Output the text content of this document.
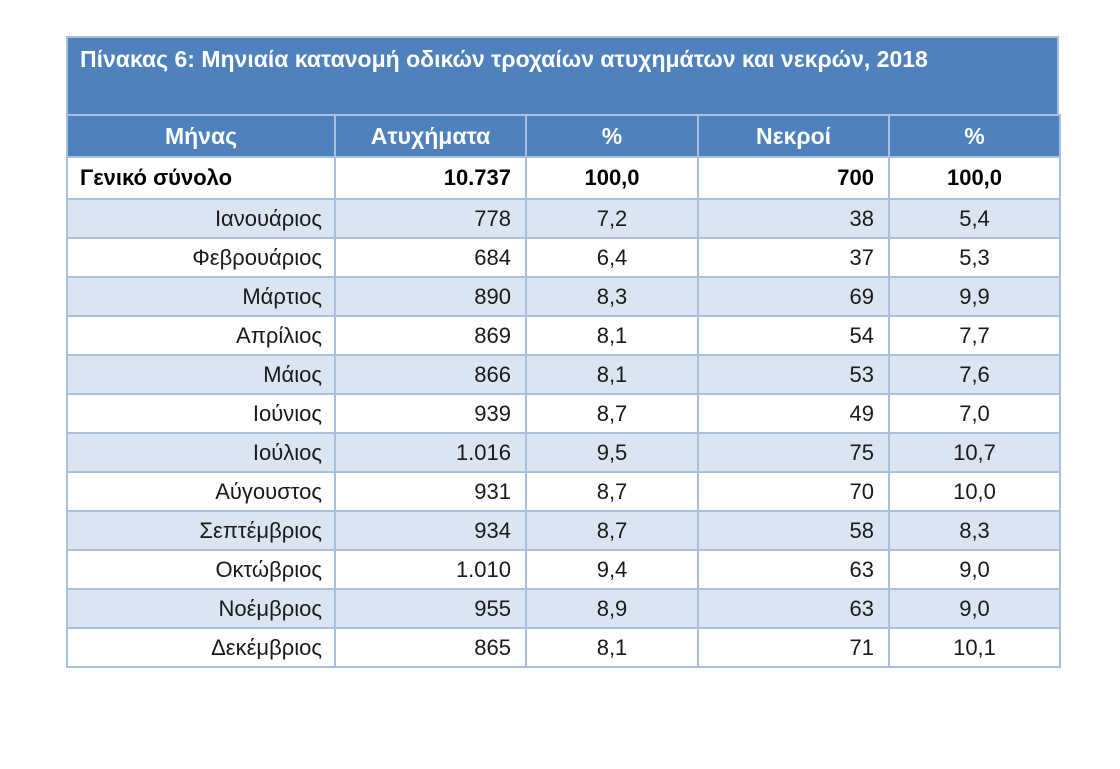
Πίνακας 6: Μηνιαία κατανομή οδικών τροχαίων ατυχημάτων και νεκρών, 2018
Μήνας	Ατυχήματα	%	Νεκροί	%
Γενικό σύνολο	10.737	100,0	700	100,0
Ιανουάριος	778	7,2	38	5,4
Φεβρουάριος	684	6,4	37	5,3
Μάρτιος	890	8,3	69	9,9
Απρίλιος	869	8,1	54	7,7
Μάιος	866	8,1	53	7,6
Ιούνιος	939	8,7	49	7,0
Ιούλιος	1.016	9,5	75	10,7
Αύγουστος	931	8,7	70	10,0
Σεπτέμβριος	934	8,7	58	8,3
Οκτώβριος	1.010	9,4	63	9,0
Νοέμβριος	955	8,9	63	9,0
Δεκέμβριος	865	8,1	71	10,1
